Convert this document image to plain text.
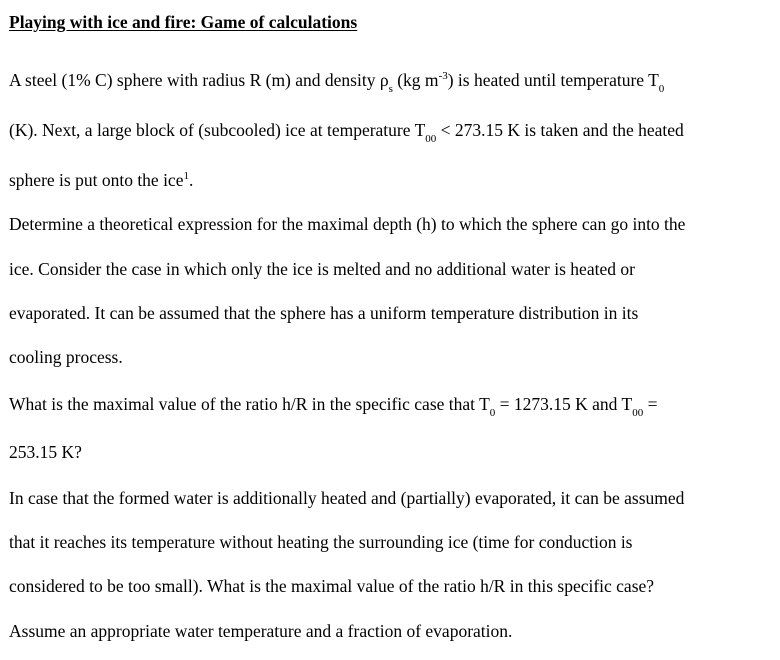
Playing with ice and fire: Game of calculations
A steel (1% C) sphere with radius R (m) and density $\rho_s$ (kg $m^{-3}$) is heated until temperature $T_0$
(K). Next, a large block of (subcooled) ice at temperature $T_{00} < 273.15$ K is taken and the heated
sphere is put onto the ice$^1$.
Determine a theoretical expression for the maximal depth (h) to which the sphere can go into the
ice. Consider the case in which only the ice is melted and no additional water is heated or
evaporated. It can be assumed that the sphere has a uniform temperature distribution in its
cooling process.
What is the maximal value of the ratio h/R in the specific case that $T_0 = 1273.15$ K and $T_{00}$ =
253.15 K?
In case that the formed water is additionally heated and (partially) evaporated, it can be assumed
that it reaches its temperature without heating the surrounding ice (time for conduction is
considered to be too small). What is the maximal value of the ratio h/R in this specific case?
Assume an appropriate water temperature and a fraction of evaporation.
